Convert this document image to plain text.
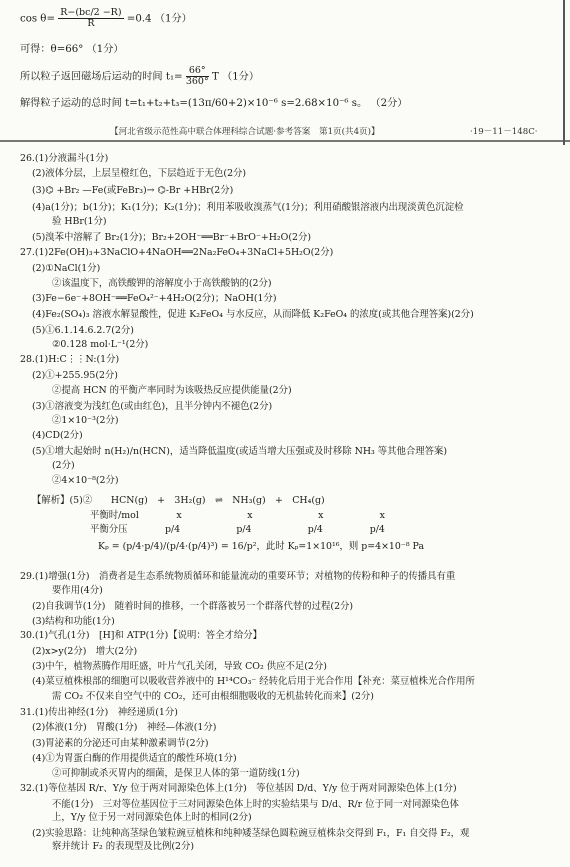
$\cos \theta= \frac{R-(bc/2 -R)}{R} =0.4$ （1分）
可得：θ=66° （1分）
所以粒子返回磁场后运动的时间 $t_1= \frac{66^\circ}{360^\circ}$ T （1分）
解得粒子运动的总时间 t=t₁+t₂+t₃=(13π/60+2)×10⁻⁶ s=2.68×10⁻⁶ s。 （2分）
【河北省级示范性高中联合体理科综合试题·参考答案　第1页(共4页)】	·19－11－148C·
26.(1)分液漏斗(1分)
(2)液体分层，上层呈橙红色，下层趋近于无色(2分)
(3)⌬ +Br₂ —Fe(或FeBr₃)→ ⌬-Br +HBr(2分)
(4)a(1分)；b(1分)；K₁(1分)；K₂(1分)；利用苯吸收溴蒸气(1分)；利用硝酸银溶液内出现淡黄色沉淀检
验 HBr(1分)
(5)溴苯中溶解了 Br₂(1分)；Br₂+2OH⁻══Br⁻+BrO⁻+H₂O(2分)
27.(1)2Fe(OH)₃+3NaClO+4NaOH══2Na₂FeO₄+3NaCl+5H₂O(2分)
(2)①NaCl(1分)
②该温度下，高铁酸钾的溶解度小于高铁酸钠的(2分)
(3)Fe−6e⁻+8OH⁻══FeO₄²⁻+4H₂O(2分)；NaOH(1分)
(4)Fe₂(SO₄)₃ 溶液水解显酸性，促进 K₂FeO₄ 与水反应，从而降低 K₂FeO₄ 的浓度(或其他合理答案)(2分)
(5)①6.1.14.6.2.7(2分)
②0.128 mol·L⁻¹(2分)
28.(1)H:C⋮⋮N:(1分)
(2)①+255.95(2分)
②提高 HCN 的平衡产率同时为该吸热反应提供能量(2分)
(3)①溶液变为浅红色(或由红色)，且半分钟内不褪色(2分)
②1×10⁻³(2分)
(4)CD(2分)
(5)①增大起始时 n(H₂)/n(HCN)，适当降低温度(或适当增大压强或及时移除 NH₃ 等其他合理答案)
(2分)
②4×10⁻⁸(2分)
【解析】(5)②　　HCN(g)　+　3H₂(g)　⇌　NH₃(g)　+　CH₄(g)
平衡时/mol　　　　x　　　　　　　x　　　　　　　x　　　　　　x
平衡分压　　　　p/4　　　　　　p/4　　　　　　p/4　　　　　p/4
Kₚ = (p/4·p/4)/(p/4·(p/4)³) = 16/p²，此时 Kₚ=1×10¹⁶，则 p=4×10⁻⁸ Pa
29.(1)增强(1分)　消费者是生态系统物质循环和能量流动的重要环节；对植物的传粉和种子的传播具有重
要作用(4分)
(2)自我调节(1分)　随着时间的推移，一个群落被另一个群落代替的过程(2分)
(3)结构和功能(1分)
30.(1)气孔(1分)　[H]和 ATP(1分)【说明：答全才给分】
(2)x>y(2分)　增大(2分)
(3)中午，植物蒸腾作用旺盛，叶片气孔关闭，导致 CO₂ 供应不足(2分)
(4)菜豆植株根部的细胞可以吸收营养液中的 H¹⁴CO₃⁻ 经转化后用于光合作用【补充：菜豆植株光合作用所
需 CO₂ 不仅来自空气中的 CO₂，还可由根细胞吸收的无机盐转化而来】(2分)
31.(1)传出神经(1分)　神经递质(1分)
(2)体液(1分)　胃酸(1分)　神经—体液(1分)
(3)胃泌素的分泌还可由某种激素调节(2分)
(4)①为胃蛋白酶的作用提供适宜的酸性环境(1分)
②可抑制或杀灭胃内的细菌，是保卫人体的第一道防线(1分)
32.(1)等位基因 R/r、Y/y 位于两对同源染色体上(1分)　等位基因 D/d、Y/y 位于两对同源染色体上(1分)
不能(1分)　三对等位基因位于三对同源染色体上时的实验结果与 D/d、R/r 位于同一对同源染色体
上，Y/y 位于另一对同源染色体上时的相同(2分)
(2)实验思路：让纯种高茎绿色皱粒豌豆植株和纯种矮茎绿色圆粒豌豆植株杂交得到 F₁，F₁ 自交得 F₂，观
察并统计 F₂ 的表现型及比例(2分)
